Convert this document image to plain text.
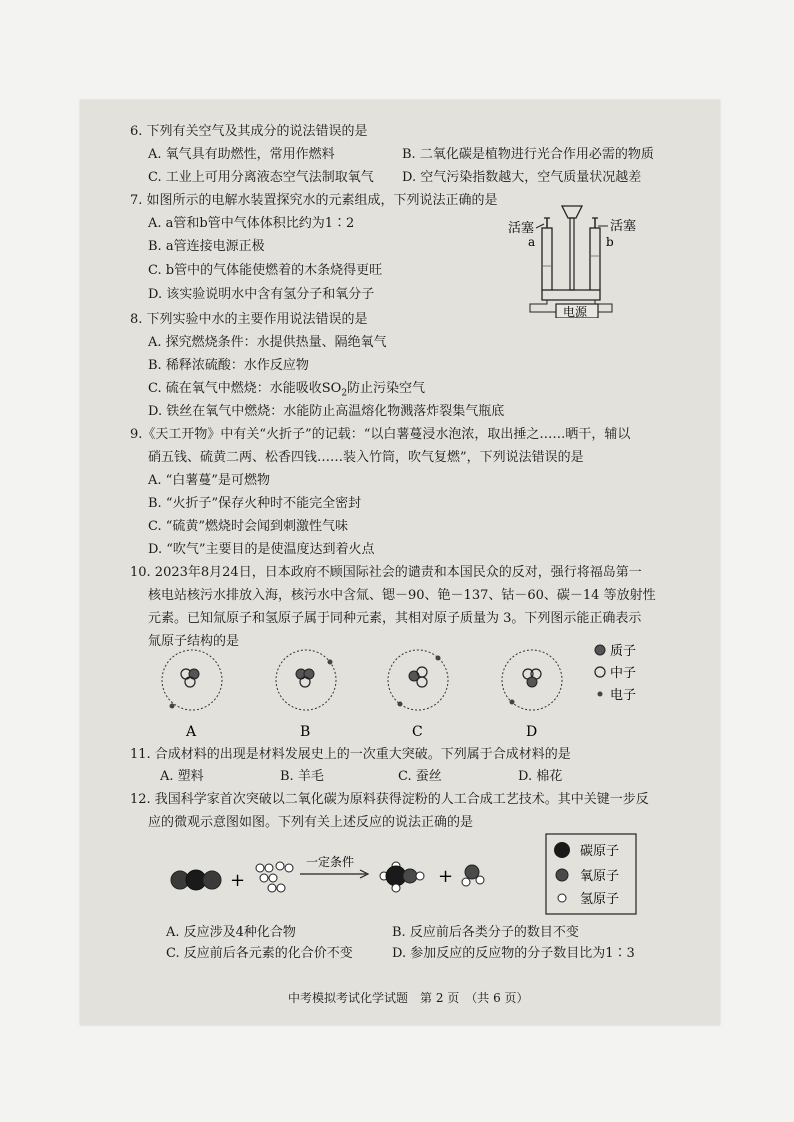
6. 下列有关空气及其成分的说法错误的是
A. 氧气具有助燃性，常用作燃料	B. 二氧化碳是植物进行光合作用必需的物质
C. 工业上可用分离液态空气法制取氧气 D. 空气污染指数越大，空气质量状况越差
7. 如图所示的电解水装置探究水的元素组成，下列说法正确的是
A. a管和b管中气体体积比约为1∶2
B. a管连接电源正极
C. b管中的气体能使燃着的木条烧得更旺
D. 该实验说明水中含有氢分子和氧分子
活塞	活塞
a	b
电源
8. 下列实验中水的主要作用说法错误的是
A. 探究燃烧条件：水提供热量、隔绝氧气
B. 稀释浓硫酸：水作反应物
C. 硫在氧气中燃烧：水能吸收$SO_2$防止污染空气
D. 铁丝在氧气中燃烧：水能防止高温熔化物溅落炸裂集气瓶底
9.《天工开物》中有关“火折子”的记载：“以白薯蔓浸水泡浓，取出捶之……晒干，辅以
硝五钱、硫黄二两、松香四钱……装入竹筒，吹气复燃”，下列说法错误的是
A. “白薯蔓”是可燃物
B. “火折子”保存火种时不能完全密封
C. “硫黄”燃烧时会闻到刺激性气味
D. “吹气”主要目的是使温度达到着火点
10. 2023年8月24日，日本政府不顾国际社会的谴责和本国民众的反对，强行将福岛第一
核电站核污水排放入海，核污水中含氚、锶－90、铯－137、钴－60、碳－14 等放射性
元素。已知氚原子和氢原子属于同种元素，其相对原子质量为 3。下列图示能正确表示
氚原子结构的是
A	B	C	D
质子
中子
电子
11. 合成材料的出现是材料发展史上的一次重大突破。下列属于合成材料的是
A. 塑料	B. 羊毛	C. 蚕丝	D. 棉花
12. 我国科学家首次突破以二氧化碳为原料获得淀粉的人工合成工艺技术。其中关键一步反
应的微观示意图如图。下列有关上述反应的说法正确的是
+
一定条件
+
碳原子
氧原子
氢原子
A. 反应涉及4种化合物	B. 反应前后各类分子的数目不变
C. 反应前后各元素的化合价不变	D. 参加反应的反应物的分子数目比为1∶3
中考模拟考试化学试题　第 2 页　（共 6 页）
